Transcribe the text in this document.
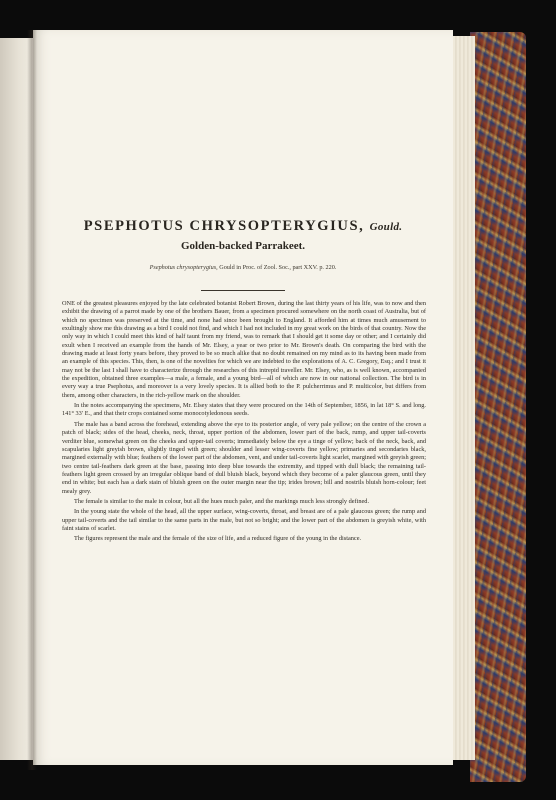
PSEPHOTUS CHRYSOPTERYGIUS, Gould.
Golden-backed Parrakeet.
Psephotus chrysopterygius, Gould in Proc. of Zool. Soc., part XXV. p. 220.

ONE of the greatest pleasures enjoyed by the late celebrated botanist Robert Brown, during the last thirty years of his life, was to now and then exhibit the drawing of a parrot made by one of the brothers Bauer, from a specimen procured somewhere on the north coast of Australia, but of which no specimen was preserved at the time, and none had since been brought to England. It afforded him at times much amusement to exultingly show me this drawing as a bird I could not find, and which I had not included in my great work on the birds of that country. Now the only way in which I could meet this kind of half taunt from my friend, was to remark that I should get it some day or other; and I certainly did exult when I received an example from the hands of Mr. Elsey, a year or two prior to Mr. Brown's death. On comparing the bird with the drawing made at least forty years before, they proved to be so much alike that no doubt remained on my mind as to its having been made from an example of this species. This, then, is one of the novelties for which we are indebted to the explorations of A. C. Gregory, Esq.; and I trust it may not be the last I shall have to characterize through the researches of this intrepid traveller. Mr. Elsey, who, as is well known, accompanied the expedition, obtained three examples—a male, a female, and a young bird—all of which are now in our national collection. The bird is in every way a true Psephotus, and moreover is a very lovely species. It is allied both to the P. pulcherrimus and P. multicolor, but differs from them, among other characters, in the rich-yellow mark on the shoulder.

In the notes accompanying the specimens, Mr. Elsey states that they were procured on the 14th of September, 1856, in lat 18° S. and long. 141° 33′ E., and that their crops contained some monocotyledonous seeds.

The male has a band across the forehead, extending above the eye to its posterior angle, of very pale yellow; on the centre of the crown a patch of black; sides of the head, cheeks, neck, throat, upper portion of the abdomen, lower part of the back, rump, and upper tail-coverts verditer blue, somewhat green on the cheeks and upper-tail coverts; immediately below the eye a tinge of yellow; back of the neck, back, and scapularies light greyish brown, slightly tinged with green; shoulder and lesser wing-coverts fine yellow; primaries and secondaries black, margined externally with blue; feathers of the lower part of the abdomen, vent, and under tail-coverts light scarlet, margined with greyish green; two centre tail-feathers dark green at the base, passing into deep blue towards the extremity, and tipped with dull black; the remaining tail-feathers light green crossed by an irregular oblique band of dull bluish black, beyond which they become of a paler glaucous green, until they end in white; but each has a dark stain of bluish green on the outer margin near the tip; irides brown; bill and nostrils bluish horn-colour; feet mealy grey.

The female is similar to the male in colour, but all the hues much paler, and the markings much less strongly defined.

In the young state the whole of the head, all the upper surface, wing-coverts, throat, and breast are of a pale glaucous green; the rump and upper tail-coverts and the tail similar to the same parts in the male, but not so bright; and the lower part of the abdomen is greyish white, with faint stains of scarlet.

The figures represent the male and the female of the size of life, and a reduced figure of the young in the distance.
